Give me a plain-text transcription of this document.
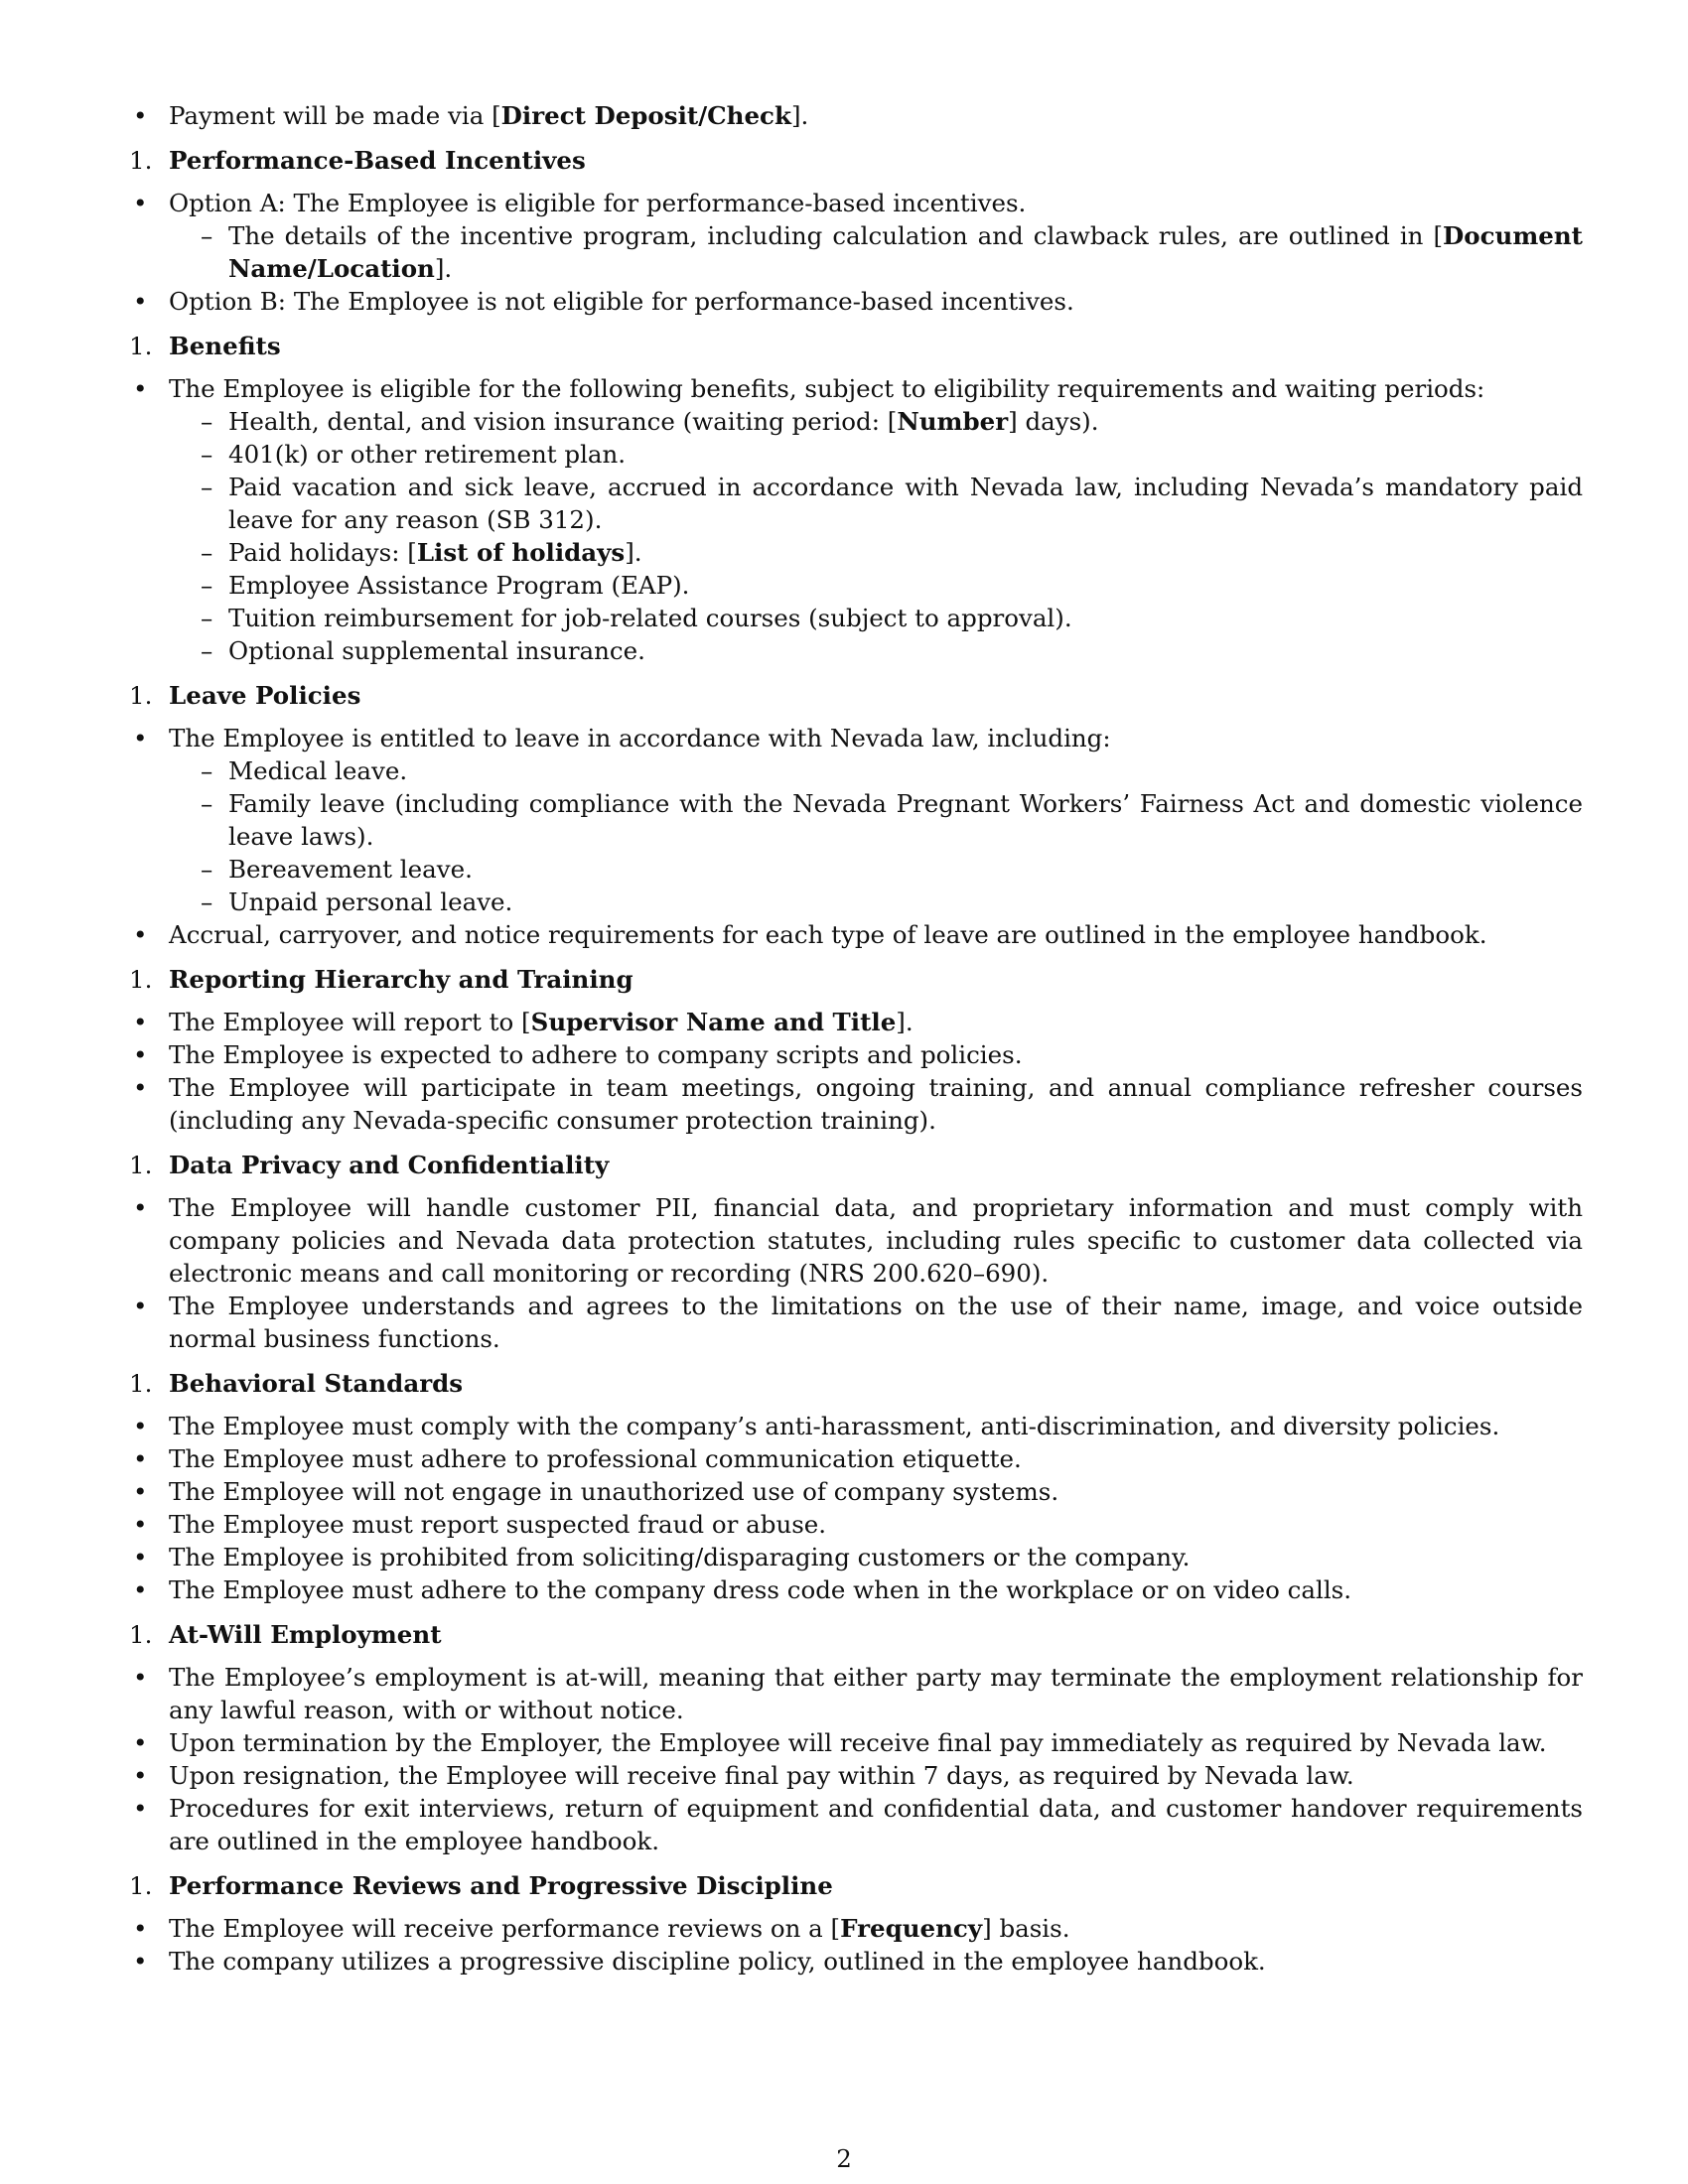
• Payment will be made via [Direct Deposit/Check].
1. Performance-Based Incentives
• Option A: The Employee is eligible for performance-based incentives.
– The details of the incentive program, including calculation and clawback rules, are outlined in [Document Name/Location].
• Option B: The Employee is not eligible for performance-based incentives.
1. Benefits
• The Employee is eligible for the following benefits, subject to eligibility requirements and waiting periods:
– Health, dental, and vision insurance (waiting period: [Number] days).
– 401(k) or other retirement plan.
– Paid vacation and sick leave, accrued in accordance with Nevada law, including Nevada’s mandatory paid leave for any reason (SB 312).
– Paid holidays: [List of holidays].
– Employee Assistance Program (EAP).
– Tuition reimbursement for job-related courses (subject to approval).
– Optional supplemental insurance.
1. Leave Policies
• The Employee is entitled to leave in accordance with Nevada law, including:
– Medical leave.
– Family leave (including compliance with the Nevada Pregnant Workers’ Fairness Act and domestic violence leave laws).
– Bereavement leave.
– Unpaid personal leave.
• Accrual, carryover, and notice requirements for each type of leave are outlined in the employee handbook.
1. Reporting Hierarchy and Training
• The Employee will report to [Supervisor Name and Title].
• The Employee is expected to adhere to company scripts and policies.
• The Employee will participate in team meetings, ongoing training, and annual compliance refresher courses (including any Nevada-specific consumer protection training).
1. Data Privacy and Confidentiality
• The Employee will handle customer PII, financial data, and proprietary information and must comply with company policies and Nevada data protection statutes, including rules specific to customer data collected via electronic means and call monitoring or recording (NRS 200.620–690).
• The Employee understands and agrees to the limitations on the use of their name, image, and voice outside normal business functions.
1. Behavioral Standards
• The Employee must comply with the company’s anti-harassment, anti-discrimination, and diversity policies.
• The Employee must adhere to professional communication etiquette.
• The Employee will not engage in unauthorized use of company systems.
• The Employee must report suspected fraud or abuse.
• The Employee is prohibited from soliciting/disparaging customers or the company.
• The Employee must adhere to the company dress code when in the workplace or on video calls.
1. At-Will Employment
• The Employee’s employment is at-will, meaning that either party may terminate the employment relationship for any lawful reason, with or without notice.
• Upon termination by the Employer, the Employee will receive final pay immediately as required by Nevada law.
• Upon resignation, the Employee will receive final pay within 7 days, as required by Nevada law.
• Procedures for exit interviews, return of equipment and confidential data, and customer handover requirements are outlined in the employee handbook.
1. Performance Reviews and Progressive Discipline
• The Employee will receive performance reviews on a [Frequency] basis.
• The company utilizes a progressive discipline policy, outlined in the employee handbook.
2
